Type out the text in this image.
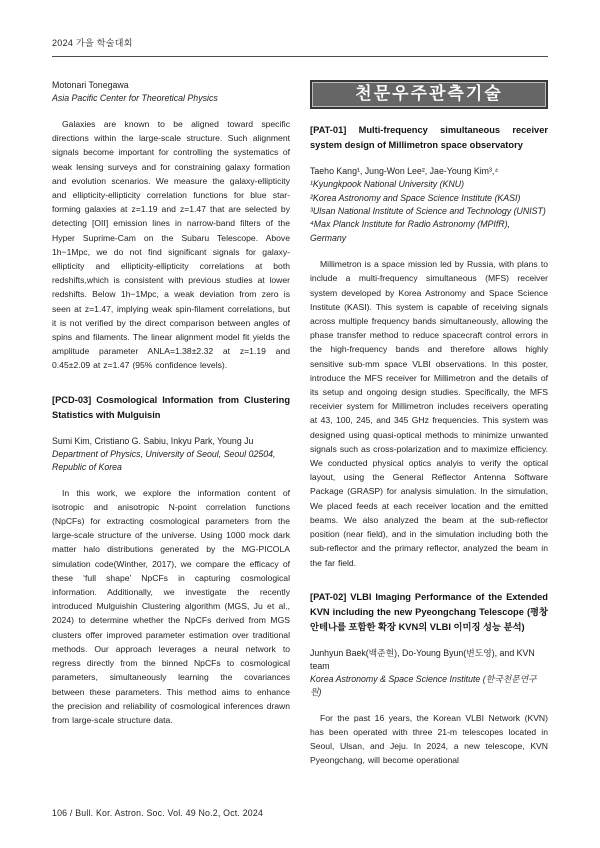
2024 가을 학술대회
Motonari Tonegawa
Asia Pacific Center for Theoretical Physics

Galaxies are known to be aligned toward specific directions within the large-scale structure. Such alignment signals become important for controlling the systematics of weak lensing surveys and for constraining galaxy formation and evolution scenarios. We measure the galaxy-ellipticity and ellipticity-ellipticity correlation functions for blue star-forming galaxies at z=1.19 and z=1.47 that are selected by detecting [OII] emission lines in narrow-band filters of the Hyper Suprime-Cam on the Subaru Telescope. Above 1h−1Mpc, we do not find significant signals for galaxy-ellipticity and ellipticity-ellipticity correlations at both redshifts,which is consistent with previous studies at lower redshifts. Below 1h−1Mpc, a weak deviation from zero is seen at z=1.47, implying weak spin-filament correlations, but it is not verified by the direct comparison between angles of spins and filaments. The linear alignment model fit yields the amplitude parameter ANLA=1.38±2.32 at z=1.19 and 0.45±2.09 at z=1.47 (95% confidence levels).

[PCD-03] Cosmological Information from Clustering Statistics with Mulguisin
Sumi Kim, Cristiano G. Sabiu, Inkyu Park, Young Ju
Department of Physics, University of Seoul, Seoul 02504, Republic of Korea

In this work, we explore the information content of isotropic and anisotropic N-point correlation functions (NpCFs) for extracting cosmological parameters from the large-scale structure of the universe. Using 1000 mock dark matter halo distributions generated by the MG-PICOLA simulation code(Winther, 2017), we compare the efficacy of these ‘full shape’ NpCFs in capturing cosmological information. Additionally, we investigate the recently introduced Mulguishin Clustering algorithm (MGS, Ju et al., 2024) to determine whether the NpCFs derived from MGS clusters offer improved parameter estimation over traditional methods. Our approach leverages a neural network to regress directly from the binned NpCFs to cosmological parameters, simultaneously learning the covariances between these parameters. This method aims to enhance the precision and reliability of cosmological inferences drawn from large-scale structure data.

천문우주관측기술
[PAT-01] Multi-frequency simultaneous receiver system design of Millimetron space observatory
Taeho Kang¹, Jung-Won Lee², Jae-Young Kim³,⁴
¹Kyungkpook National University (KNU)
²Korea Astronomy and Space Science Institute (KASI)
³Ulsan National Institute of Science and Technology (UNIST)
⁴Max Planck Institute for Radio Astronomy (MPIfR), Germany

Millimetron is a space mission led by Russia, with plans to include a multi-frequency simultaneous (MFS) receiver system developed by Korea Astronomy and Space Science Institute (KASI). This system is capable of receiving signals across multiple frequency bands simultaneously, allowing the phase transfer method to reduce spacecraft control errors in the high-frequency bands and therefore allows highly sensitive sub-mm space VLBI observations. In this poster, introduce the MFS receiver for Millimetron and the details of its setup and ongoing design studies. Specifically, the MFS receivier system for Millimetron includes receivers operating at 43, 100, 245, and 345 GHz frequencies. This system was designed using quasi-optical methods to minimize unwanted signals such as cross-polarization and to maximize efficiency. We conducted physical optics analyis to verify the optical layout, using the General Reflector Antenna Software Package (GRASP) for analysis simulation. In the simulation, We placed feeds at each receiver location and the emitted beams. We also analyzed the beam at the sub-reflector position (near field), and in the simulation including both the sub-reflector and the primary reflector, analyzed the beam in the far field.

[PAT-02] VLBI Imaging Performance of the Extended KVN including the new Pyeongchang Telescope (평창 안테나를 포함한 확장 KVN의 VLBI 이미징 성능 분석)
Junhyun Baek(백준현), Do-Young Byun(변도영), and KVN team
Korea Astronomy & Space Science Institute (한국천문연구원)

For the past 16 years, the Korean VLBI Network (KVN) has been operated with three 21-m telescopes located in Seoul, Ulsan, and Jeju. In 2024, a new telescope, KVN Pyeongchang, will become operational

106 / Bull. Kor. Astron. Soc. Vol. 49 No.2, Oct. 2024
